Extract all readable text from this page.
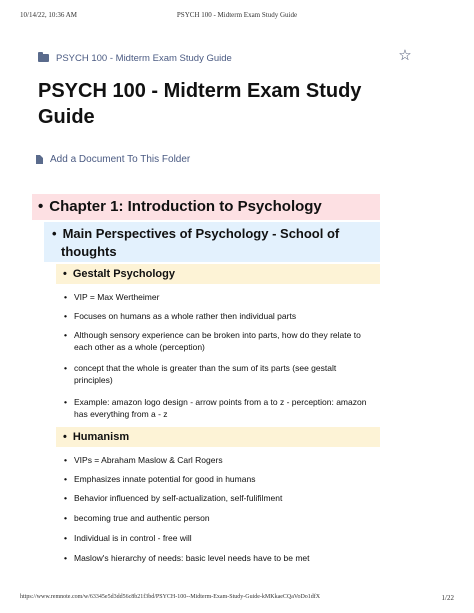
10/14/22, 10:36 AM	PSYCH 100 - Midterm Exam Study Guide
PSYCH 100 - Midterm Exam Study Guide	☆
PSYCH 100 - Midterm Exam Study Guide
Add a Document To This Folder
• Chapter 1: Introduction to Psychology
• Main Perspectives of Psychology - School of thoughts
• Gestalt Psychology
• VIP = Max Wertheimer
• Focuses on humans as a whole rather then individual parts
• Although sensory experience can be broken into parts, how do they relate to each other as a whole (perception)
• concept that the whole is greater than the sum of its parts (see gestalt principles)
• Example: amazon logo design - arrow points from a to z - perception: amazon has everything from a - z
• Humanism
• VIPs = Abraham Maslow & Carl Rogers
• Emphasizes innate potential for good in humans
• Behavior influenced by self-actualization, self-fulifilment
• becoming true and authentic person
• Individual is in control - free will
• Maslow's hierarchy of needs: basic level needs have to be met
https://www.remnote.com/w/63345e5d3dd56c8b21f3bd/PSYCH-100--Midterm-Exam-Study-Guide-kMKkaeCQaVoDo1dfX	1/22
